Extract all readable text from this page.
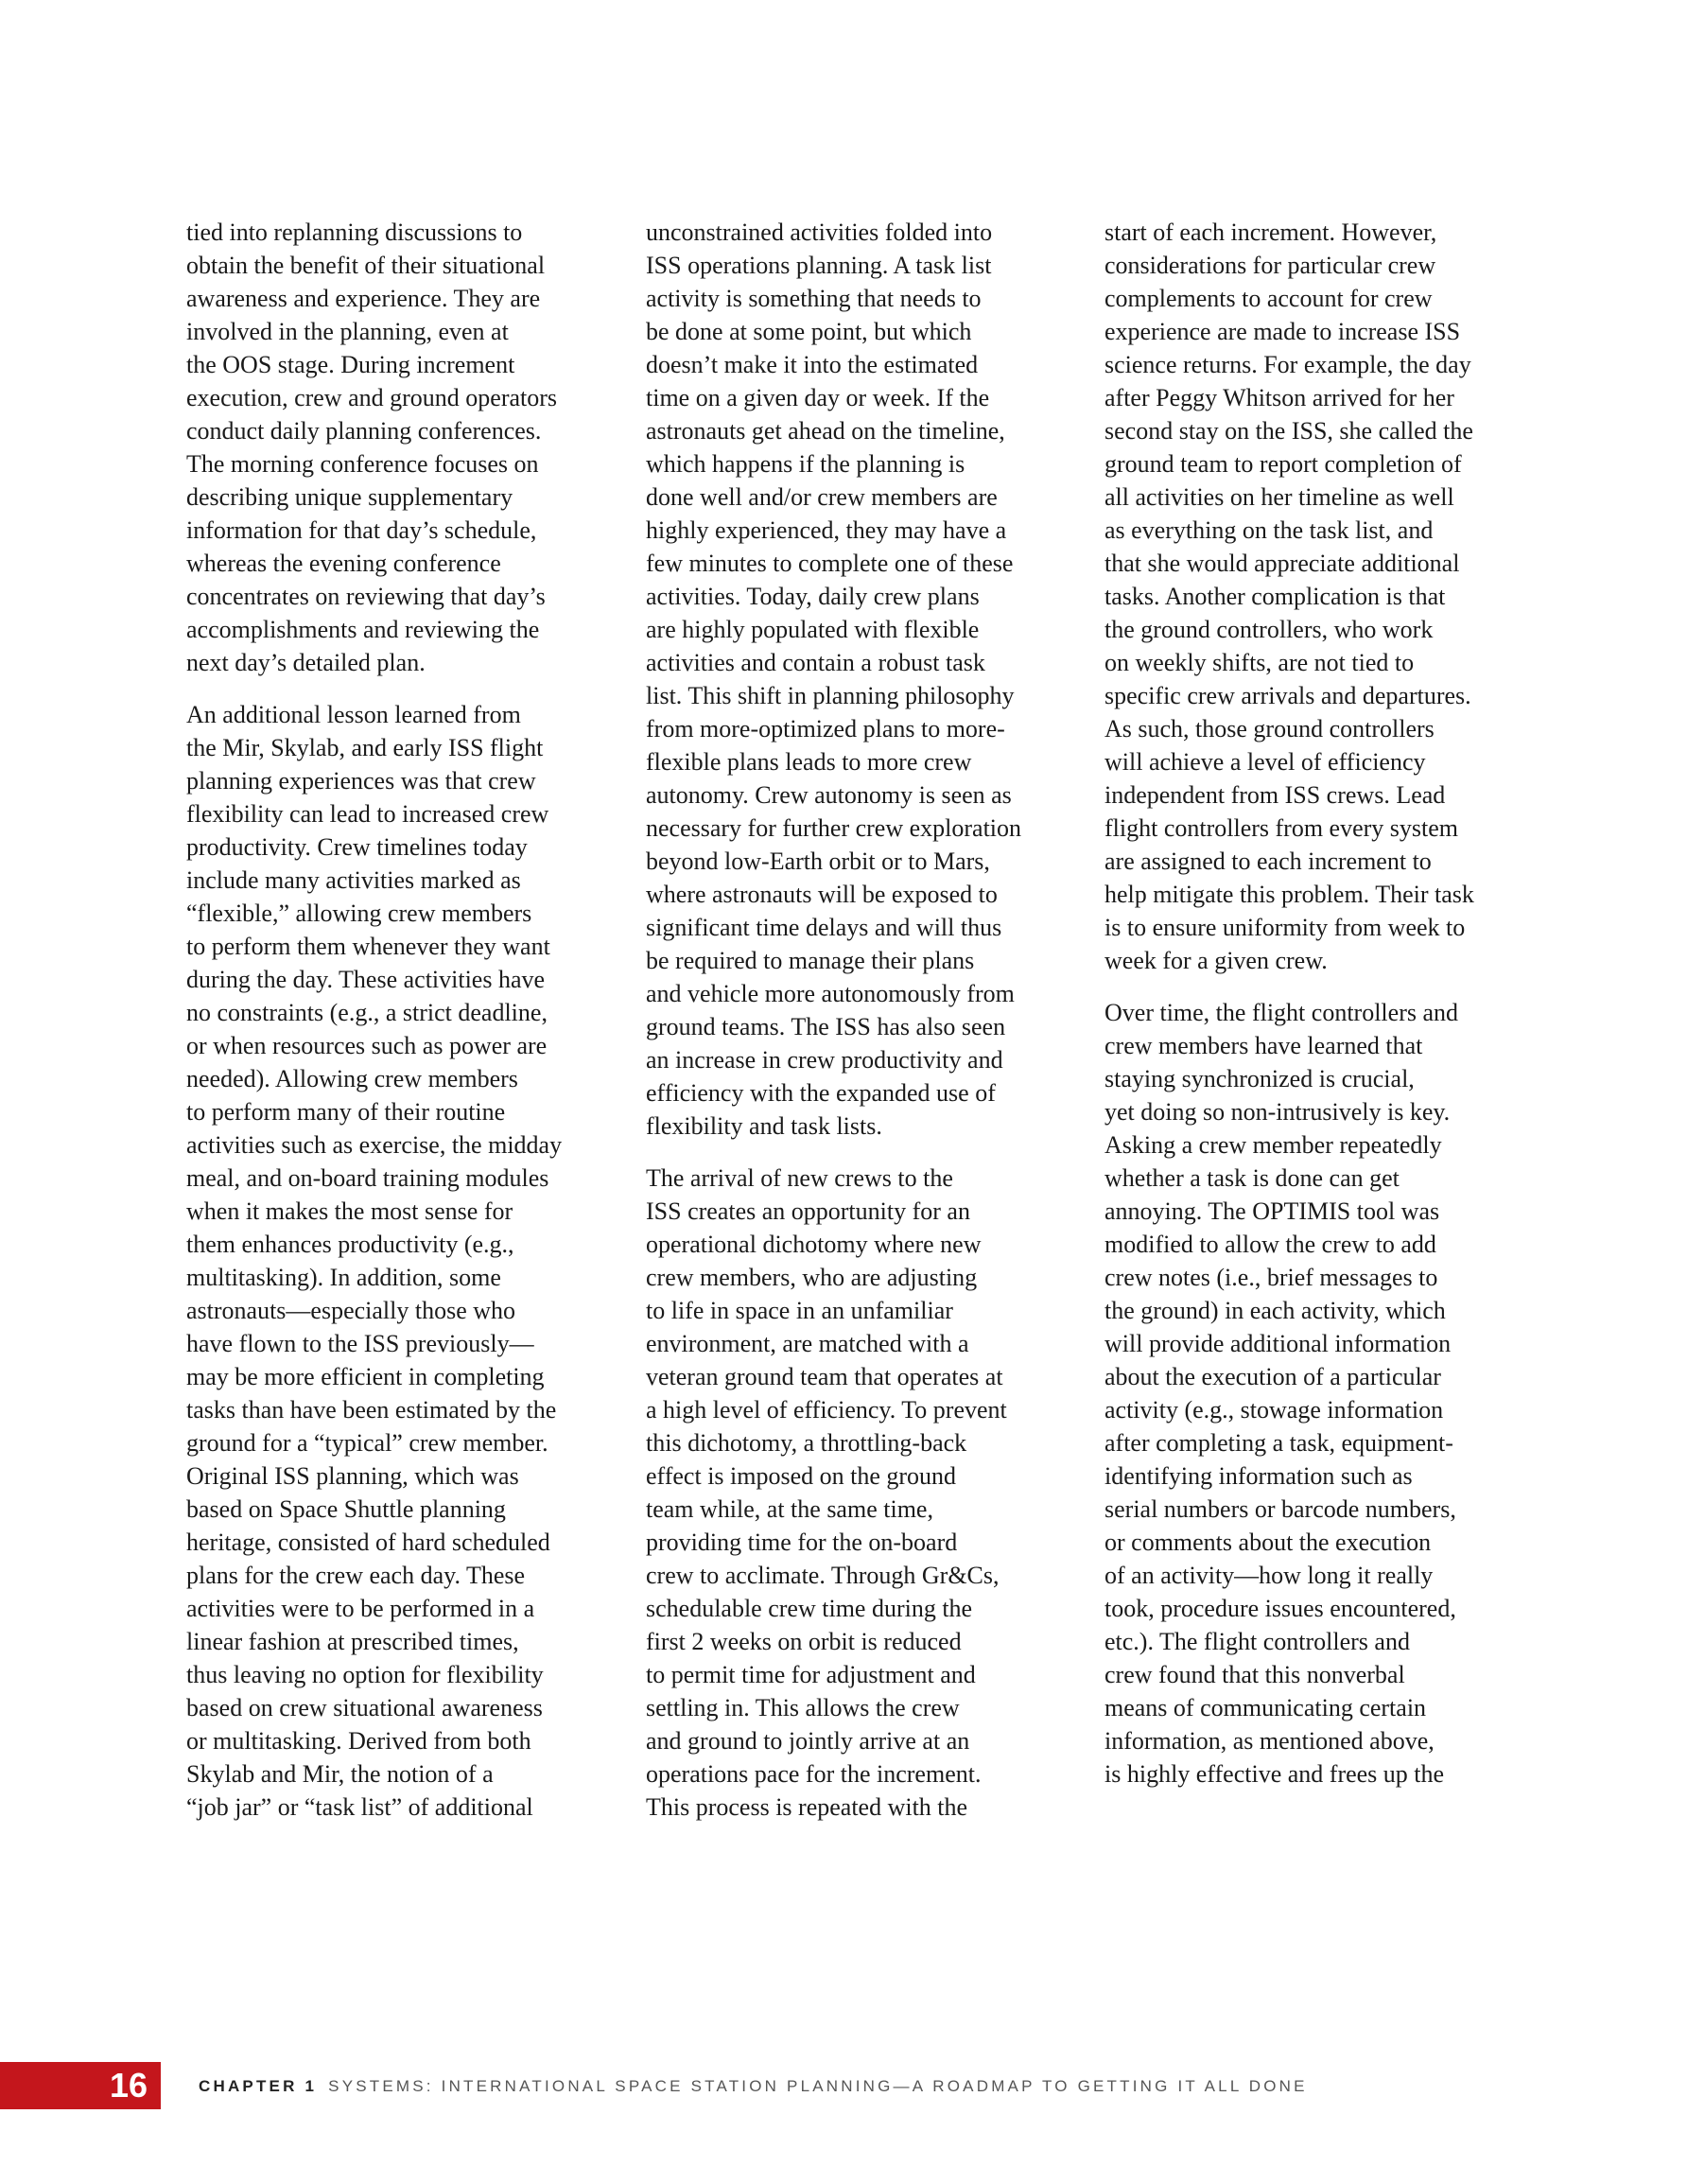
tied into replanning discussions to
obtain the benefit of their situational
awareness and experience. They are
involved in the planning, even at
the OOS stage. During increment
execution, crew and ground operators
conduct daily planning conferences.
The morning conference focuses on
describing unique supplementary
information for that day’s schedule,
whereas the evening conference
concentrates on reviewing that day’s
accomplishments and reviewing the
next day’s detailed plan.

An additional lesson learned from
the Mir, Skylab, and early ISS flight
planning experiences was that crew
flexibility can lead to increased crew
productivity. Crew timelines today
include many activities marked as
“flexible,” allowing crew members
to perform them whenever they want
during the day. These activities have
no constraints (e.g., a strict deadline,
or when resources such as power are
needed). Allowing crew members
to perform many of their routine
activities such as exercise, the midday
meal, and on-board training modules
when it makes the most sense for
them enhances productivity (e.g.,
multitasking). In addition, some
astronauts—especially those who
have flown to the ISS previously—
may be more efficient in completing
tasks than have been estimated by the
ground for a “typical” crew member.
Original ISS planning, which was
based on Space Shuttle planning
heritage, consisted of hard scheduled
plans for the crew each day. These
activities were to be performed in a
linear fashion at prescribed times,
thus leaving no option for flexibility
based on crew situational awareness
or multitasking. Derived from both
Skylab and Mir, the notion of a
“job jar” or “task list” of additional

unconstrained activities folded into
ISS operations planning. A task list
activity is something that needs to
be done at some point, but which
doesn’t make it into the estimated
time on a given day or week. If the
astronauts get ahead on the timeline,
which happens if the planning is
done well and/or crew members are
highly experienced, they may have a
few minutes to complete one of these
activities. Today, daily crew plans
are highly populated with flexible
activities and contain a robust task
list. This shift in planning philosophy
from more-optimized plans to more-
flexible plans leads to more crew
autonomy. Crew autonomy is seen as
necessary for further crew exploration
beyond low-Earth orbit or to Mars,
where astronauts will be exposed to
significant time delays and will thus
be required to manage their plans
and vehicle more autonomously from
ground teams. The ISS has also seen
an increase in crew productivity and
efficiency with the expanded use of
flexibility and task lists.

The arrival of new crews to the
ISS creates an opportunity for an
operational dichotomy where new
crew members, who are adjusting
to life in space in an unfamiliar
environment, are matched with a
veteran ground team that operates at
a high level of efficiency. To prevent
this dichotomy, a throttling-back
effect is imposed on the ground
team while, at the same time,
providing time for the on-board
crew to acclimate. Through Gr&Cs,
schedulable crew time during the
first 2 weeks on orbit is reduced
to permit time for adjustment and
settling in. This allows the crew
and ground to jointly arrive at an
operations pace for the increment.
This process is repeated with the

start of each increment. However,
considerations for particular crew
complements to account for crew
experience are made to increase ISS
science returns. For example, the day
after Peggy Whitson arrived for her
second stay on the ISS, she called the
ground team to report completion of
all activities on her timeline as well
as everything on the task list, and
that she would appreciate additional
tasks. Another complication is that
the ground controllers, who work
on weekly shifts, are not tied to
specific crew arrivals and departures.
As such, those ground controllers
will achieve a level of efficiency
independent from ISS crews. Lead
flight controllers from every system
are assigned to each increment to
help mitigate this problem. Their task
is to ensure uniformity from week to
week for a given crew.

Over time, the flight controllers and
crew members have learned that
staying synchronized is crucial,
yet doing so non-intrusively is key.
Asking a crew member repeatedly
whether a task is done can get
annoying. The OPTIMIS tool was
modified to allow the crew to add
crew notes (i.e., brief messages to
the ground) in each activity, which
will provide additional information
about the execution of a particular
activity (e.g., stowage information
after completing a task, equipment-
identifying information such as
serial numbers or barcode numbers,
or comments about the execution
of an activity—how long it really
took, procedure issues encountered,
etc.). The flight controllers and
crew found that this nonverbal
means of communicating certain
information, as mentioned above,
is highly effective and frees up the

16	CHAPTER 1 SYSTEMS: INTERNATIONAL SPACE STATION PLANNING—A ROADMAP TO GETTING IT ALL DONE
